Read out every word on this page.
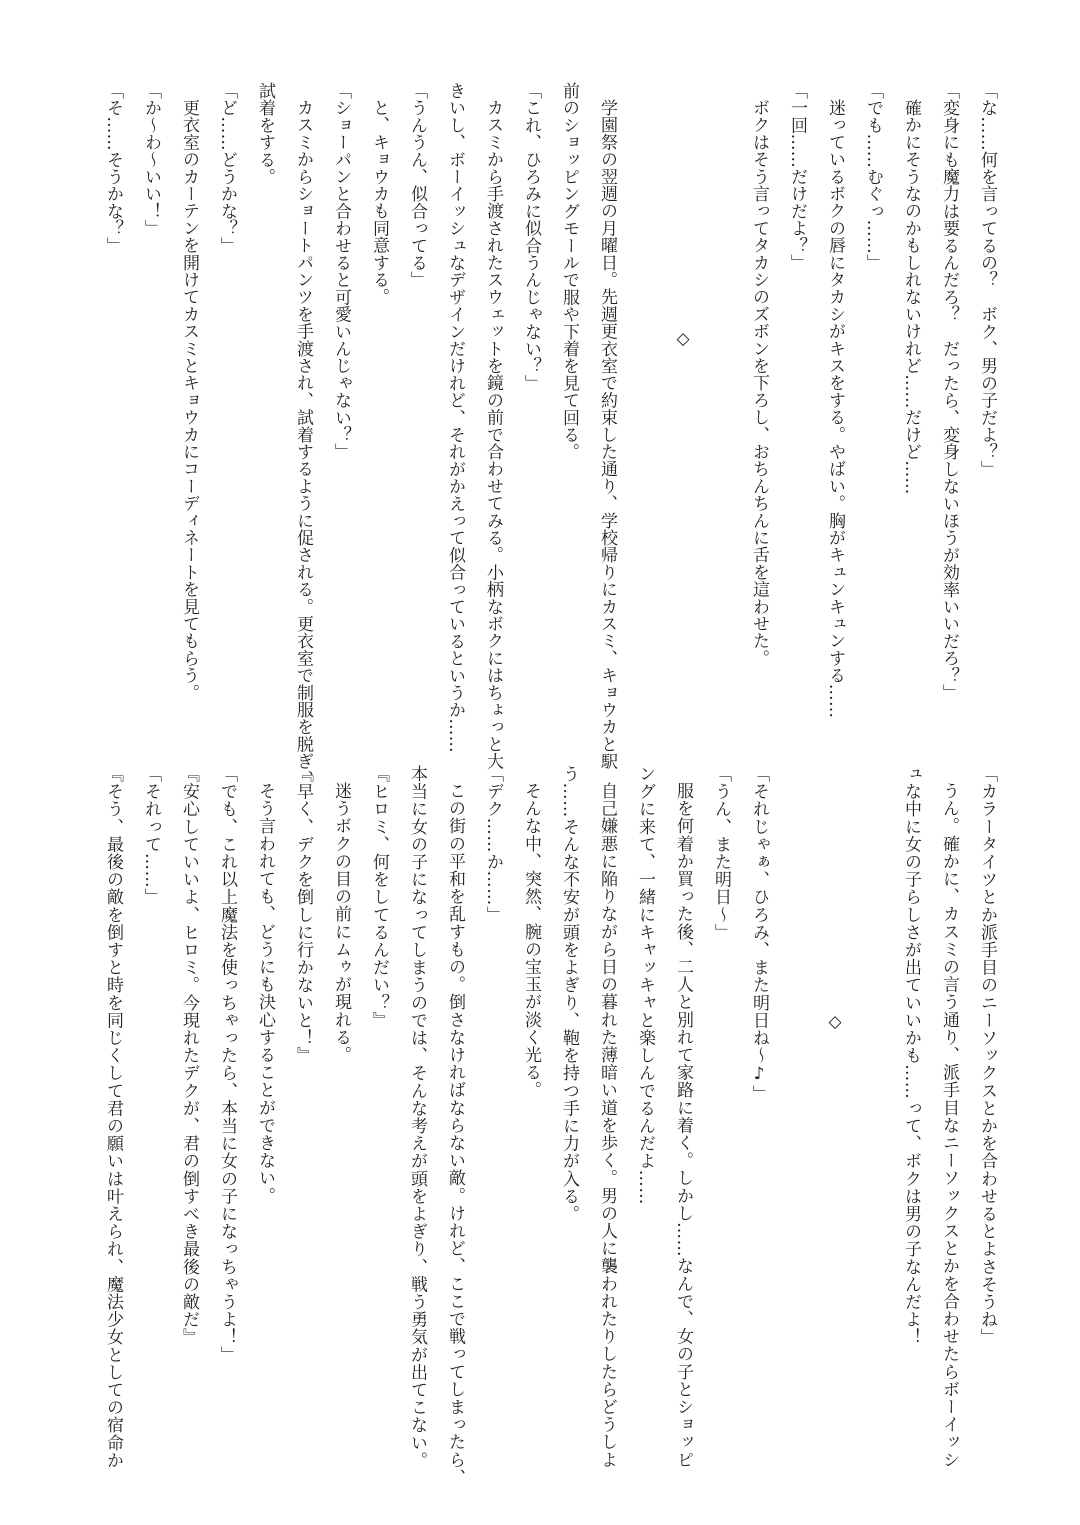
「な……何を言ってるの？　ボク、男の子だよ？」

「変身にも魔力は要るんだろ？　だったら、変身しないほうが効率いいだろ？」

確かにそうなのかもしれないけれど……だけど……

「でも……むぐっ……」

迷っているボクの唇にタカシがキスをする。やばい。胸がキュンキュンする……

「一回……だけだよ？」

ボクはそう言ってタカシのズボンを下ろし、おちんちんに舌を這わせた。

◇

学園祭の翌週の月曜日。先週更衣室で約束した通り、学校帰りにカスミ、キョウカと駅

前のショッピングモールで服や下着を見て回る。

「これ、ひろみに似合うんじゃない？」

カスミから手渡されたスウェットを鏡の前で合わせてみる。小柄なボクにはちょっと大

きいし、ボーイッシュなデザインだけれど、それがかえって似合っているというか……

「うんうん、似合ってる」

と、キョウカも同意する。

「ショーパンと合わせると可愛いんじゃない？」

カスミからショートパンツを手渡され、試着するように促される。更衣室で制服を脱ぎ、

試着をする。

「ど……どうかな？」

更衣室のカーテンを開けてカスミとキョウカにコーディネートを見てもらう。

「か～わ～いい！」

「そ……そうかな？」

「カラータイツとか派手目のニーソックスとかを合わせるとよさそうね」

うん。確かに、カスミの言う通り、派手目なニーソックスとかを合わせたらボーイッシ

ュな中に女の子らしさが出ていいかも……って、ボクは男の子なんだよ！

◇

「それじゃぁ、ひろみ、また明日ね～♪」

「うん、また明日～」

服を何着か買った後、二人と別れて家路に着く。しかし……なんで、女の子とショッピ

ングに来て、一緒にキャッキャと楽しんでるんだよ……

自己嫌悪に陥りながら日の暮れた薄暗い道を歩く。男の人に襲われたりしたらどうしよ

う……そんな不安が頭をよぎり、鞄を持つ手に力が入る。

そんな中、突然、腕の宝玉が淡く光る。

「デク……か……」

この街の平和を乱すもの。倒さなければならない敵。けれど、ここで戦ってしまったら、

本当に女の子になってしまうのでは、そんな考えが頭をよぎり、戦う勇気が出てこない。

『ヒロミ、何をしてるんだい？』

迷うボクの目の前にムゥが現れる。

『早く、デクを倒しに行かないと！』

そう言われても、どうにも決心することができない。

「でも、これ以上魔法を使っちゃったら、本当に女の子になっちゃうよ！」

『安心していいよ、ヒロミ。今現れたデクが、君の倒すべき最後の敵だ』

「それって……」

『そう、最後の敵を倒すと時を同じくして君の願いは叶えられ、魔法少女としての宿命か
